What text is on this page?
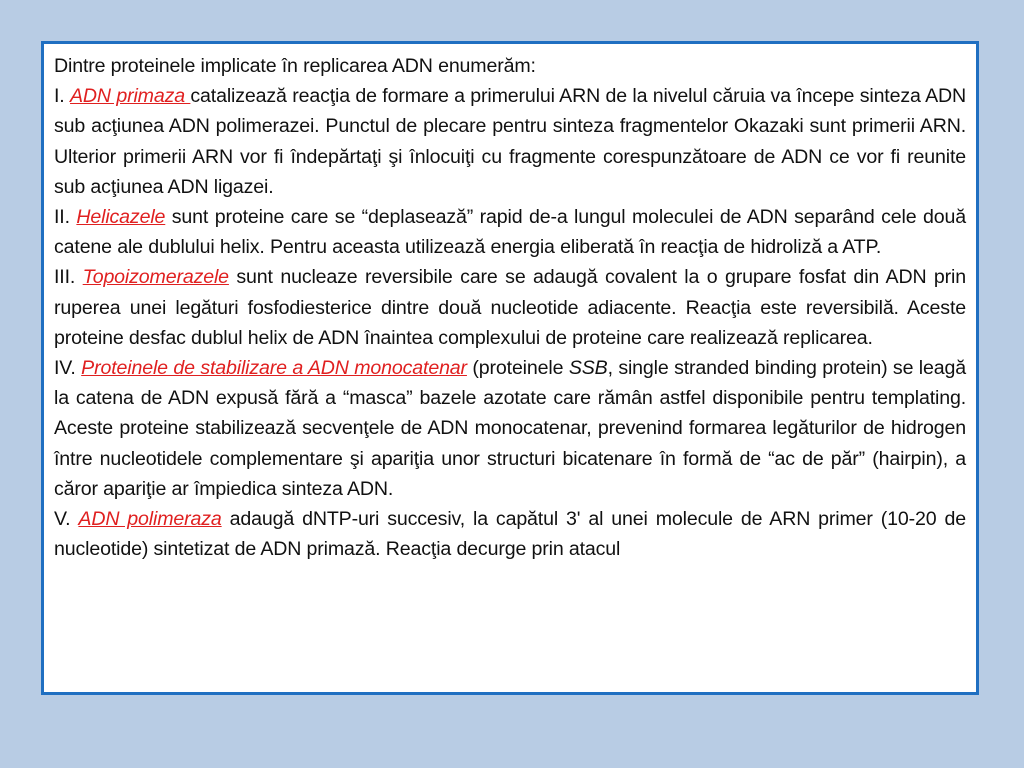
Dintre proteinele implicate în replicarea ADN enumerăm:

I. ADN primaza catalizează reacţia de formare a primerului ARN de la nivelul căruia va începe sinteza ADN sub acţiunea ADN polimerazei. Punctul de plecare pentru sinteza fragmentelor Okazaki sunt primerii ARN. Ulterior primerii ARN vor fi îndepărtaţi şi înlocuiţi cu fragmente corespunzătoare de ADN ce vor fi reunite sub acţiunea ADN ligazei.

II. Helicazele sunt proteine care se “deplasează” rapid de-a lungul moleculei de ADN separând cele două catene ale dublului helix. Pentru aceasta utilizează energia eliberată în reacţia de hidroliză a ATP.

III. Topoizomerazele sunt nucleaze reversibile care se adaugă covalent la o grupare fosfat din ADN prin ruperea unei legături fosfodiesterice dintre două nucleotide adiacente. Reacţia este reversibilă. Aceste proteine desfac dublul helix de ADN înaintea complexului de proteine care realizează replicarea.

IV. Proteinele de stabilizare a ADN monocatenar (proteinele SSB, single stranded binding protein) se leagă la catena de ADN expusă fără a “masca” bazele azotate care rămân astfel disponibile pentru templating. Aceste proteine stabilizează secvenţele de ADN monocatenar, prevenind formarea legăturilor de hidrogen între nucleotidele complementare şi apariţia unor structuri bicatenare în formă de “ac de păr” (hairpin), a căror apariţie ar împiedica sinteza ADN.

V. ADN polimeraza adaugă dNTP-uri succesiv, la capătul 3' al unei molecule de ARN primer (10-20 de nucleotide) sintetizat de ADN primază. Reacţia decurge prin atacul
